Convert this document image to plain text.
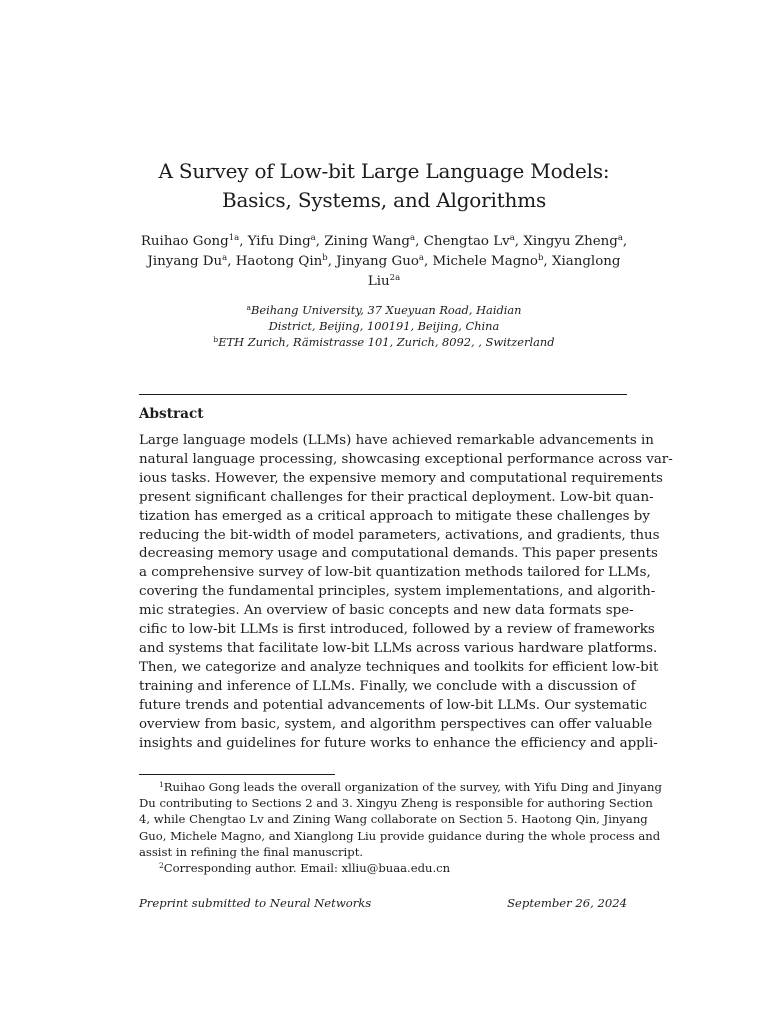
A Survey of Low-bit Large Language Models:
Basics, Systems, and Algorithms
Ruihao Gong$^{1a}$, Yifu Ding$^a$, Zining Wang$^a$, Chengtao Lv$^a$, Xingyu Zheng$^a$,
Jinyang Du$^a$, Haotong Qin$^b$, Jinyang Guo$^a$, Michele Magno$^b$, Xianglong Liu$^{2a}$
$^a$Beihang University, 37 Xueyuan Road, Haidian
District, Beijing, 100191, Beijing, China
$^b$ETH Zurich, Rämistrasse 101, Zurich, 8092, , Switzerland
Abstract
Large language models (LLMs) have achieved remarkable advancements in
natural language processing, showcasing exceptional performance across var-
ious tasks. However, the expensive memory and computational requirements
present significant challenges for their practical deployment. Low-bit quan-
tization has emerged as a critical approach to mitigate these challenges by
reducing the bit-width of model parameters, activations, and gradients, thus
decreasing memory usage and computational demands. This paper presents
a comprehensive survey of low-bit quantization methods tailored for LLMs,
covering the fundamental principles, system implementations, and algorith-
mic strategies. An overview of basic concepts and new data formats spe-
cific to low-bit LLMs is first introduced, followed by a review of frameworks
and systems that facilitate low-bit LLMs across various hardware platforms.
Then, we categorize and analyze techniques and toolkits for efficient low-bit
training and inference of LLMs. Finally, we conclude with a discussion of
future trends and potential advancements of low-bit LLMs. Our systematic
overview from basic, system, and algorithm perspectives can offer valuable
insights and guidelines for future works to enhance the efficiency and appli-
$^1$Ruihao Gong leads the overall organization of the survey, with Yifu Ding and Jinyang
Du contributing to Sections 2 and 3. Xingyu Zheng is responsible for authoring Section
4, while Chengtao Lv and Zining Wang collaborate on Section 5. Haotong Qin, Jinyang
Guo, Michele Magno, and Xianglong Liu provide guidance during the whole process and
assist in refining the final manuscript.
$^2$Corresponding author. Email: xlliu@buaa.edu.cn
Preprint submitted to Neural Networks	September 26, 2024
